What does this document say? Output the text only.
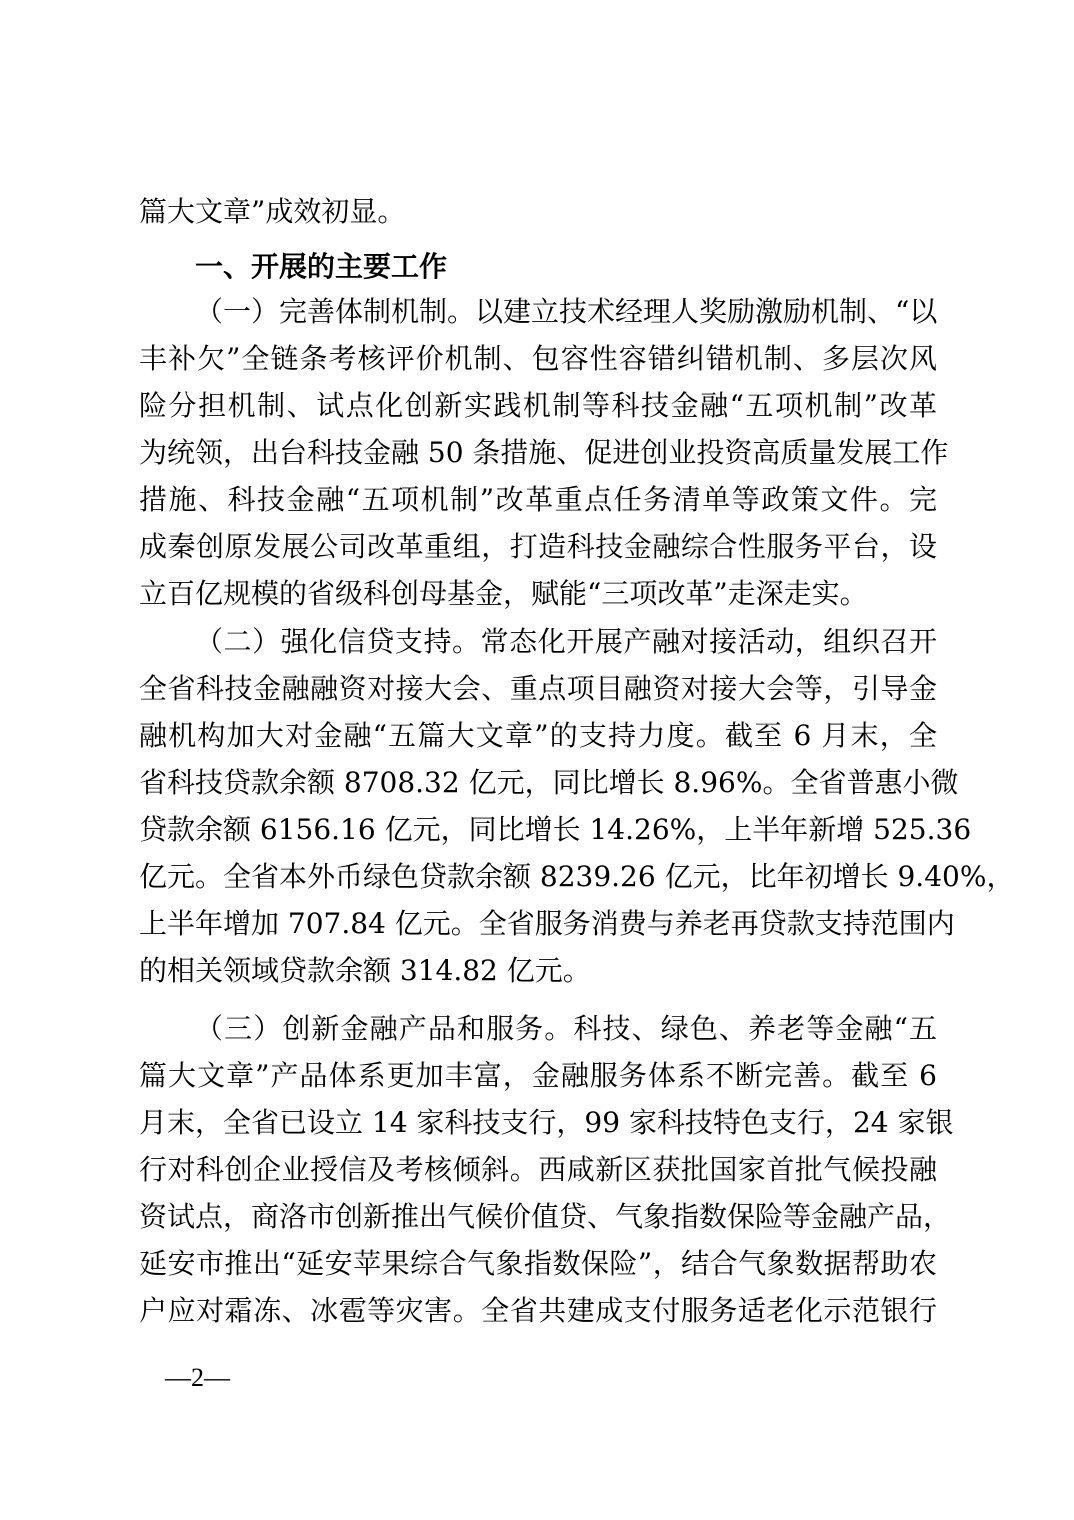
篇大文章”成效初显。
一、开展的主要工作
（一）完善体制机制。以建立技术经理人奖励激励机制、“以
丰补欠”全链条考核评价机制、包容性容错纠错机制、多层次风
险分担机制、试点化创新实践机制等科技金融“五项机制”改革
为统领，出台科技金融 50 条措施、促进创业投资高质量发展工作
措施、科技金融“五项机制”改革重点任务清单等政策文件。完
成秦创原发展公司改革重组，打造科技金融综合性服务平台，设
立百亿规模的省级科创母基金，赋能“三项改革”走深走实。
（二）强化信贷支持。常态化开展产融对接活动，组织召开
全省科技金融融资对接大会、重点项目融资对接大会等，引导金
融机构加大对金融“五篇大文章”的支持力度。截至 6 月末，全
省科技贷款余额 8708.32 亿元，同比增长 8.96%。全省普惠小微
贷款余额 6156.16 亿元，同比增长 14.26%，上半年新增 525.36
亿元。全省本外币绿色贷款余额 8239.26 亿元，比年初增长 9.40%，
上半年增加 707.84 亿元。全省服务消费与养老再贷款支持范围内
的相关领域贷款余额 314.82 亿元。
（三）创新金融产品和服务。科技、绿色、养老等金融“五
篇大文章”产品体系更加丰富，金融服务体系不断完善。截至 6
月末，全省已设立 14 家科技支行，99 家科技特色支行，24 家银
行对科创企业授信及考核倾斜。西咸新区获批国家首批气候投融
资试点，商洛市创新推出气候价值贷、气象指数保险等金融产品，
延安市推出“延安苹果综合气象指数保险”，结合气象数据帮助农
户应对霜冻、冰雹等灾害。全省共建成支付服务适老化示范银行
—2—
